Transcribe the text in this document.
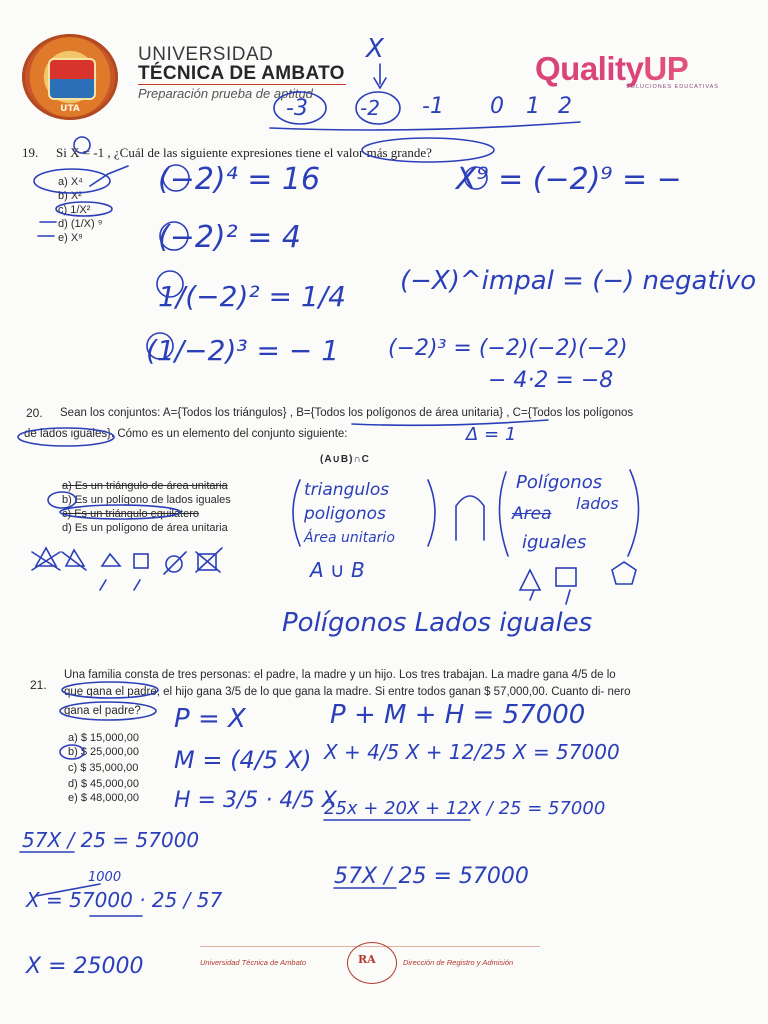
UTA
UNIVERSIDAD
TÉCNICA DE AMBATO
Preparación prueba de aptitud
QualityUP
SOLUCIONES EDUCATIVAS
X
-3	-2 -1 0 1 2
19. Si X = -1 , ¿Cuál de las siguiente expresiones tiene el valor más grande?
a) X⁴
b) X²
c) 1/X²
d) (1/X) ⁹
e) X⁹
(−2)⁴ = 16	X⁹ = (−2)⁹ = −
(−2)² = 4
1/(−2)² = 1/4 (−X)^impal = (−) negativo
(1/−2)³ = − 1 (−2)³ = (−2)(−2)(−2)
− 4·2 = −8
20. Sean los conjuntos: A={Todos los triángulos} , B={Todos los polígonos de área unitaria} , C={Todos los polígonos
de lados iguales}. Cómo es un elemento del conjunto siguiente:	Δ = 1
(A∪B)∩C
a) Es un triángulo de área unitaria
b) Es un polígono de lados iguales
c) Es un triángulo equilátero
d) Es un polígono de área unitaria
triangulos
poligonos
Área unitario
A ∪ B
Polígonos
lados
Area
iguales
Polígonos Lados iguales
21.
Una familia consta de tres personas: el padre, la madre y un hijo. Los tres trabajan. La madre gana 4/5 de lo
que gana el padre, el hijo gana 3/5 de lo que gana la madre. Si entre todos ganan $ 57,000,00. Cuanto di- nero
gana el padre?
a) $ 15,000,00
b) $ 25,000,00
c) $ 35,000,00
d) $ 45,000,00
e) $ 48,000,00
P = X
M = (4/5 X)
H = 3/5 · 4/5 X
P + M + H = 57000
X + 4/5 X + 12/25 X = 57000
25x + 20X + 12X / 25 = 57000
57X / 25 = 57000
57X / 25 = 57000
1000
X = 57000 · 25 / 57
X = 25000	Universidad Técnica de Ambato	RA	Dirección de Registro y Admisión
